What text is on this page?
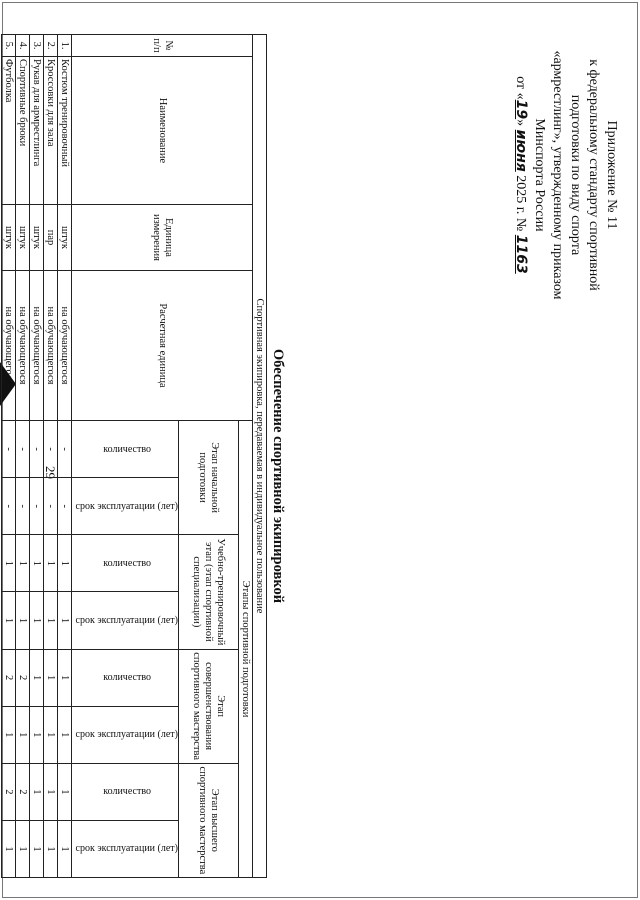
29
Приложение № 11
к федеральному стандарту спортивной
подготовки по виду спорта
«армрестлинг», утвержденному приказом
Минспорта России
от «19» июня 2025 г. № 1163
Обеспечение спортивной экипировкой
Спортивная экипировка, передаваемая в индивидуальное пользование											
№ п/п	Наименование	Единица измерения	Расчетная единица	Этапы спортивной подготовки							
				Этап начальной подготовки		Учебно-тренировочный этап (этап спортивной специализации)		Этап совершенствования спортивного мастерства		Этап высшего спортивного мастерства	
				количество	срок эксплуатации (лет)	количество	срок эксплуатации (лет)	количество	срок эксплуатации (лет)	количество	срок эксплуатации (лет)
1.	Костюм тренировочный	штук	на обучающегося	-	-	1	1	1	1	1	1
2.	Кроссовки для зала	пар	на обучающегося	-	-	1	1	1	1	1	1
3.	Рукав для армрестлинга	штук	на обучающегося	-	-	1	1	1	1	1	1
4.	Спортивные брюки	штук	на обучающегося	-	-	1	1	2	1	2	1
5.	Футболка	штук	на обучающегося	-	-	1	1	2	1	2	1
